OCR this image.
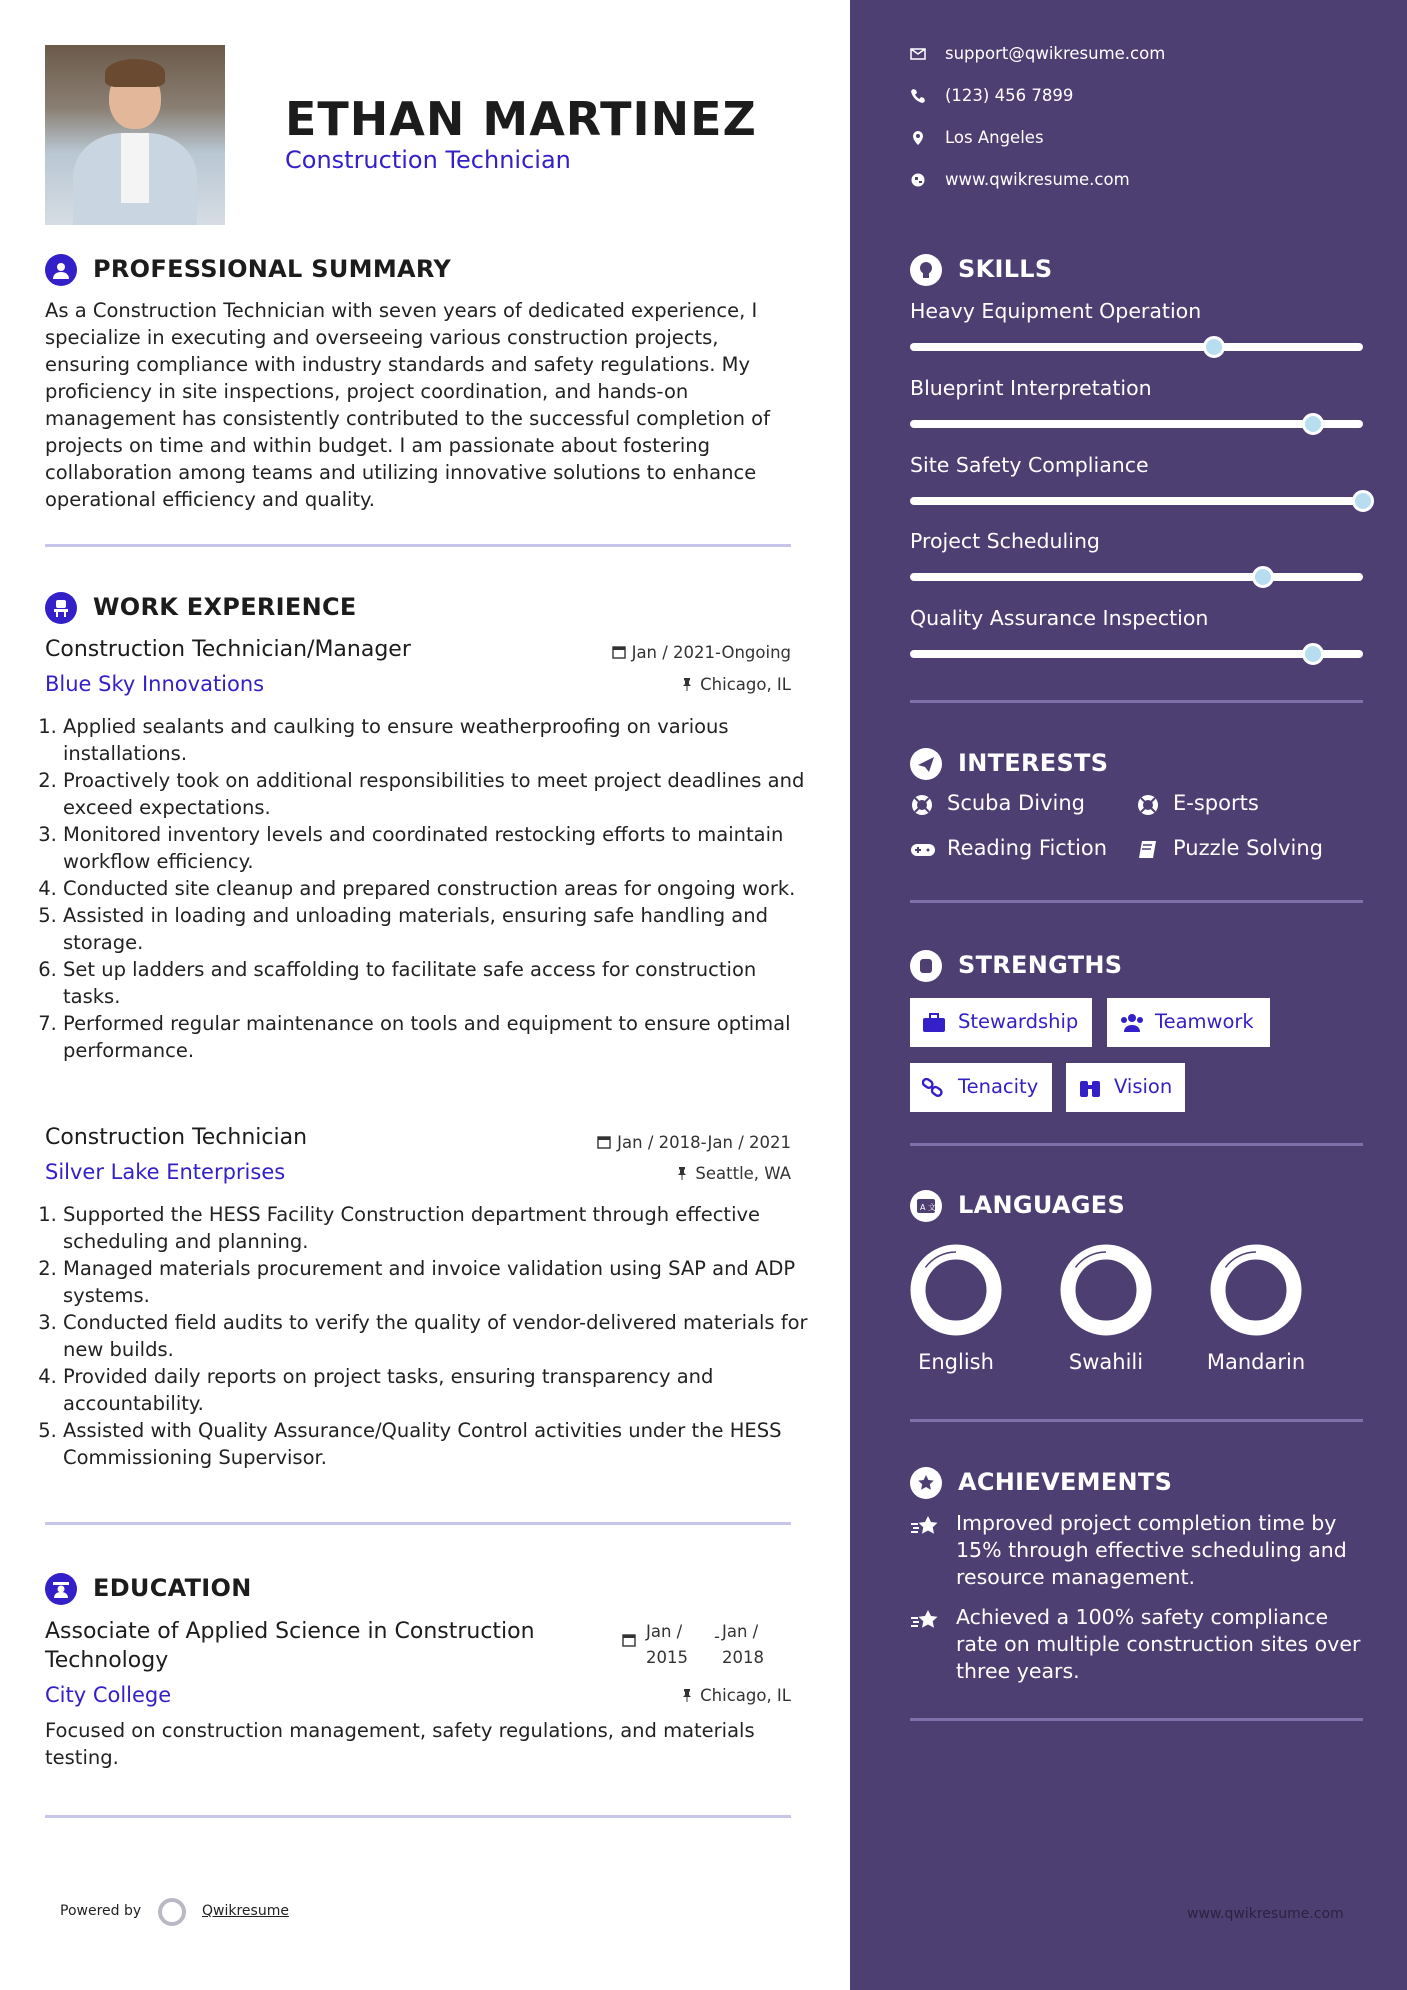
ETHAN MARTINEZ
Construction Technician
PROFESSIONAL SUMMARY
As a Construction Technician with seven years of dedicated experience, I specialize in executing and overseeing various construction projects, ensuring compliance with industry standards and safety regulations. My proficiency in site inspections, project coordination, and hands-on management has consistently contributed to the successful completion of projects on time and within budget. I am passionate about fostering collaboration among teams and utilizing innovative solutions to enhance operational efficiency and quality.
WORK EXPERIENCE
Construction Technician/Manager	Jan / 2021-Ongoing
Blue Sky Innovations	Chicago, IL
1. Applied sealants and caulking to ensure weatherproofing on various installations.
2. Proactively took on additional responsibilities to meet project deadlines and exceed expectations.
3. Monitored inventory levels and coordinated restocking efforts to maintain workflow efficiency.
4. Conducted site cleanup and prepared construction areas for ongoing work.
5. Assisted in loading and unloading materials, ensuring safe handling and storage.
6. Set up ladders and scaffolding to facilitate safe access for construction tasks.
7. Performed regular maintenance on tools and equipment to ensure optimal performance.
Construction Technician	Jan / 2018-Jan / 2021
Silver Lake Enterprises	Seattle, WA
1. Supported the HESS Facility Construction department through effective scheduling and planning.
2. Managed materials procurement and invoice validation using SAP and ADP systems.
3. Conducted field audits to verify the quality of vendor-delivered materials for new builds.
4. Provided daily reports on project tasks, ensuring transparency and accountability.
5. Assisted with Quality Assurance/Quality Control activities under the HESS Commissioning Supervisor.
EDUCATION
Associate of Applied Science in Construction Technology
Jan / 2015
- Jan / 2018
City College	Chicago, IL
Focused on construction management, safety regulations, and materials testing.
Powered by	Qwikresume
support@qwikresume.com
(123) 456 7899
Los Angeles
www.qwikresume.com
SKILLS
Heavy Equipment Operation
Blueprint Interpretation
Site Safety Compliance
Project Scheduling
Quality Assurance Inspection
INTERESTS
Scuba Diving	E-sports
Reading Fiction	Puzzle Solving
STRENGTHS
Stewardship	Teamwork
Tenacity	Vision
A 文 LANGUAGES
English	Swahili	Mandarin
ACHIEVEMENTS
Improved project completion time by 15% through effective scheduling and resource management.
Achieved a 100% safety compliance rate on multiple construction sites over three years.
www.qwikresume.com
